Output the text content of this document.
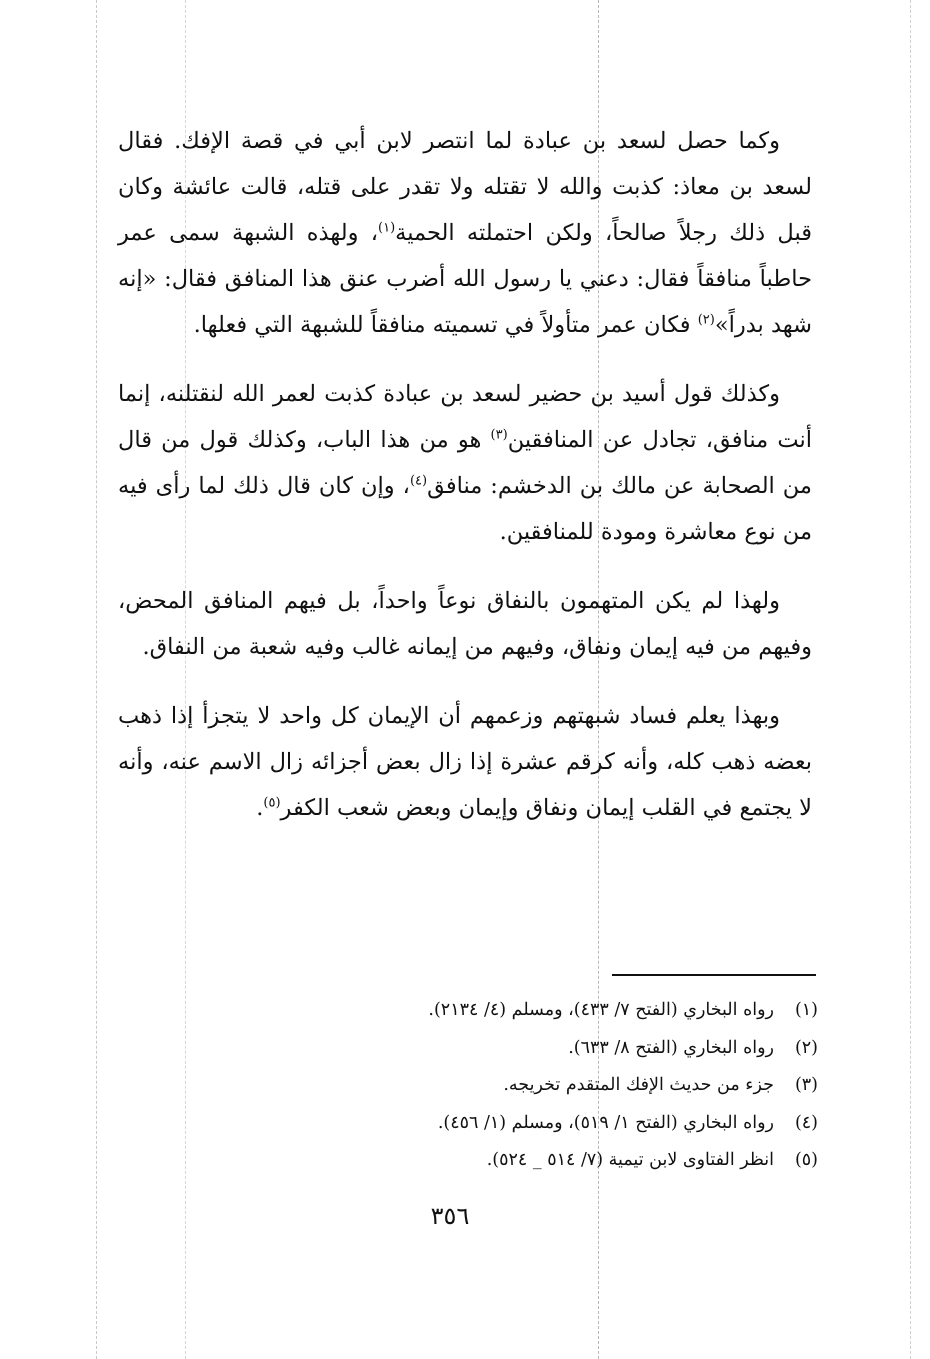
وكما حصل لسعد بن عبادة لما انتصر لابن أبي في قصة الإفك. فقال لسعد بن معاذ: كذبت والله لا تقتله ولا تقدر على قتله، قالت عائشة وكان قبل ذلك رجلاً صالحاً، ولكن احتملته الحمية$^{(١)}$، ولهذه الشبهة سمى عمر حاطباً منافقاً فقال: دعني يا رسول الله أضرب عنق هذا المنافق فقال: «إنه شهد بدراً»$^{(٢)}$ فكان عمر متأولاً في تسميته منافقاً للشبهة التي فعلها.

وكذلك قول أسيد بن حضير لسعد بن عبادة كذبت لعمر الله لنقتلنه، إنما أنت منافق، تجادل عن المنافقين$^{(٣)}$ هو من هذا الباب، وكذلك قول من قال من الصحابة عن مالك بن الدخشم: منافق$^{(٤)}$، وإن كان قال ذلك لما رأى فيه من نوع معاشرة ومودة للمنافقين.

ولهذا لم يكن المتهمون بالنفاق نوعاً واحداً، بل فيهم المنافق المحض، وفيهم من فيه إيمان ونفاق، وفيهم من إيمانه غالب وفيه شعبة من النفاق.

وبهذا يعلم فساد شبهتهم وزعمهم أن الإيمان كل واحد لا يتجزأ إذا ذهب بعضه ذهب كله، وأنه كرقم عشرة إذا زال بعض أجزائه زال الاسم عنه، وأنه لا يجتمع في القلب إيمان ونفاق وإيمان وبعض شعب الكفر$^{(٥)}$.

(١)
رواه البخاري (الفتح ٧/ ٤٣٣)، ومسلم (٤/ ٢١٣٤).
(٢)
رواه البخاري (الفتح ٨/ ٦٣٣).
(٣)
جزء من حديث الإفك المتقدم تخريجه.
(٤)
رواه البخاري (الفتح ١/ ٥١٩)، ومسلم (١/ ٤٥٦).
(٥)
انظر الفتاوى لابن تيمية (٧/ ٥١٤ _ ٥٢٤).
٣٥٦
